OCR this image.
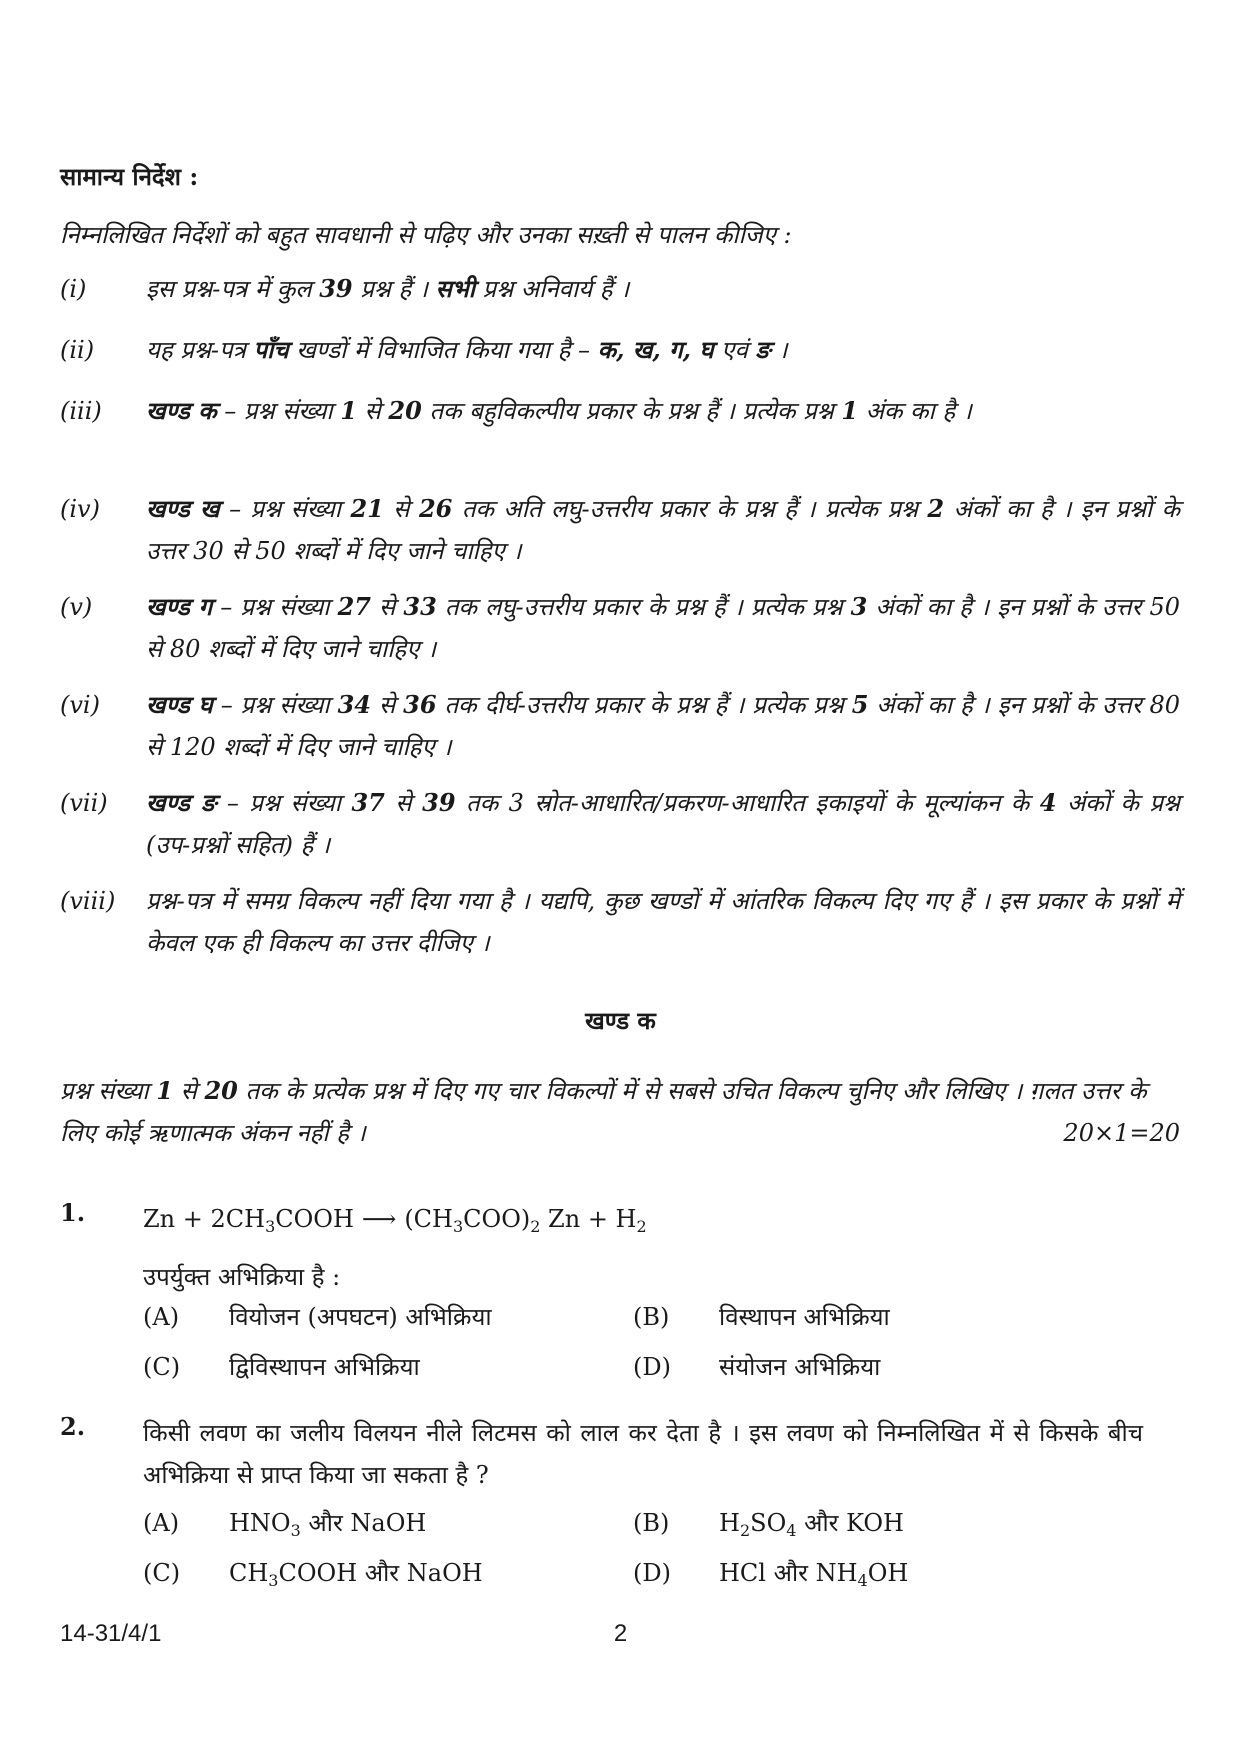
सामान्य निर्देश :
निम्नलिखित निर्देशों को बहुत सावधानी से पढ़िए और उनका सख़्ती से पालन कीजिए :
(i)	इस प्रश्न-पत्र में कुल 39 प्रश्न हैं । सभी प्रश्न अनिवार्य हैं ।
(ii)	यह प्रश्न-पत्र पाँच खण्डों में विभाजित किया गया है – क, ख, ग, घ एवं ङ ।
(iii)	खण्ड क – प्रश्न संख्या 1 से 20 तक बहुविकल्पीय प्रकार के प्रश्न हैं । प्रत्येक प्रश्न 1 अंक का है ।
(iv)	खण्ड ख – प्रश्न संख्या 21 से 26 तक अति लघु-उत्तरीय प्रकार के प्रश्न हैं । प्रत्येक प्रश्न 2 अंकों का है । इन प्रश्नों के उत्तर 30 से 50 शब्दों में दिए जाने चाहिए ।
(v)	खण्ड ग – प्रश्न संख्या 27 से 33 तक लघु-उत्तरीय प्रकार के प्रश्न हैं । प्रत्येक प्रश्न 3 अंकों का है । इन प्रश्नों के उत्तर 50 से 80 शब्दों में दिए जाने चाहिए ।
(vi)	खण्ड घ – प्रश्न संख्या 34 से 36 तक दीर्घ-उत्तरीय प्रकार के प्रश्न हैं । प्रत्येक प्रश्न 5 अंकों का है । इन प्रश्नों के उत्तर 80 से 120 शब्दों में दिए जाने चाहिए ।
(vii)	खण्ड ङ – प्रश्न संख्या 37 से 39 तक 3 स्रोत-आधारित/प्रकरण-आधारित इकाइयों के मूल्यांकन के 4 अंकों के प्रश्न (उप-प्रश्नों सहित) हैं ।
(viii)	प्रश्न-पत्र में समग्र विकल्प नहीं दिया गया है । यद्यपि, कुछ खण्डों में आंतरिक विकल्प दिए गए हैं । इस प्रकार के प्रश्नों में केवल एक ही विकल्प का उत्तर दीजिए ।
खण्ड क
प्रश्न संख्या 1 से 20 तक के प्रत्येक प्रश्न में दिए गए चार विकल्पों में से सबसे उचित विकल्प चुनिए और लिखिए । ग़लत उत्तर के लिए कोई ऋणात्मक अंकन नहीं है ।	20×1=20
1. $Zn + 2CH_3COOH$ ⟶ $(CH_3COO)_2$ $Zn + H_2$
उपर्युक्त अभिक्रिया है :
(A) वियोजन (अपघटन) अभिक्रिया	(B) विस्थापन अभिक्रिया
(C) द्विविस्थापन अभिक्रिया	(D) संयोजन अभिक्रिया
2. किसी लवण का जलीय विलयन नीले लिटमस को लाल कर देता है । इस लवण को निम्नलिखित में से किसके बीच अभिक्रिया से प्राप्त किया जा सकता है ?
(A) $HNO_3$ और NaOH	(B) $H_2SO_4$ और KOH
(C) $CH_3COOH$ और NaOH	(D) HCl और $NH_4OH$
14-31/4/1	2
